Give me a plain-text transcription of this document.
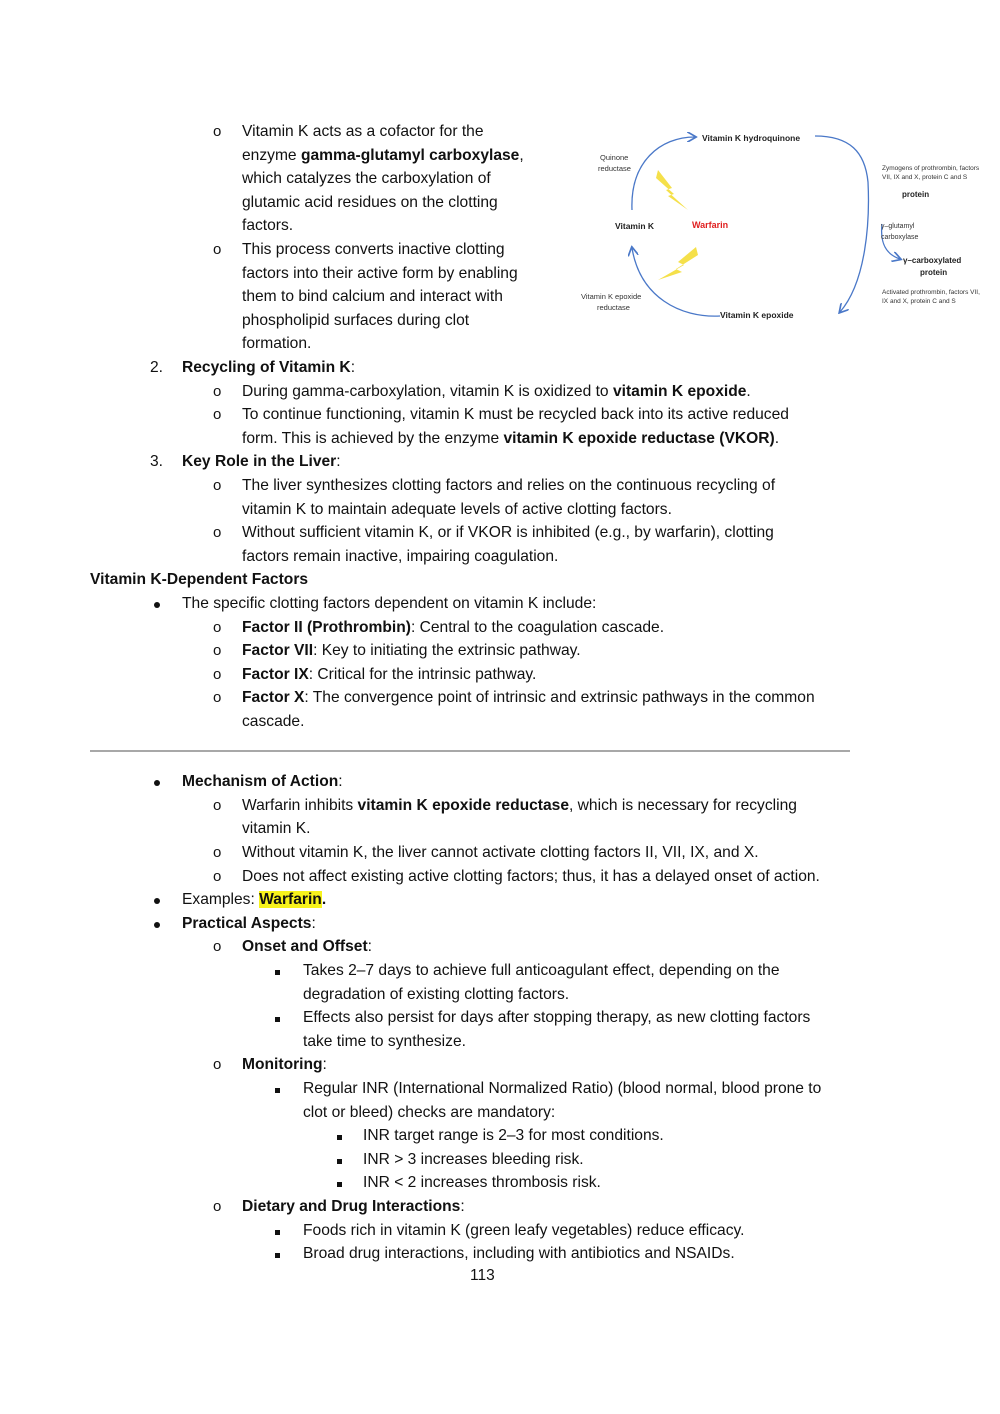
Vitamin K hydroquinone
Quinone reductase
Vitamin K	Warfarin
Vitamin K epoxide reductase
Vitamin K epoxide
Zymogens of prothrombin, factors VII, IX and X, protein C and S
protein
γ–glutamyl carboxylase
γ–carboxylated protein
Activated prothrombin, factors VII, IX and X, protein C and S
o Vitamin K acts as a cofactor for the
enzyme gamma-glutamyl carboxylase,
which catalyzes the carboxylation of
glutamic acid residues on the clotting
factors.
o This process converts inactive clotting
factors into their active form by enabling
them to bind calcium and interact with
phospholipid surfaces during clot
formation.
2. Recycling of Vitamin K:
o During gamma-carboxylation, vitamin K is oxidized to vitamin K epoxide.
o To continue functioning, vitamin K must be recycled back into its active reduced
form. This is achieved by the enzyme vitamin K epoxide reductase (VKOR).
3. Key Role in the Liver:
o The liver synthesizes clotting factors and relies on the continuous recycling of
vitamin K to maintain adequate levels of active clotting factors.
o Without sufficient vitamin K, or if VKOR is inhibited (e.g., by warfarin), clotting
factors remain inactive, impairing coagulation.
Vitamin K-Dependent Factors
The specific clotting factors dependent on vitamin K include:
o Factor II (Prothrombin): Central to the coagulation cascade.
o Factor VII: Key to initiating the extrinsic pathway.
o Factor IX: Critical for the intrinsic pathway.
o Factor X: The convergence point of intrinsic and extrinsic pathways in the common
cascade.
Mechanism of Action:
o Warfarin inhibits vitamin K epoxide reductase, which is necessary for recycling
vitamin K.
o Without vitamin K, the liver cannot activate clotting factors II, VII, IX, and X.
o Does not affect existing active clotting factors; thus, it has a delayed onset of action.
Examples: Warfarin.
Practical Aspects:
o Onset and Offset:
Takes 2–7 days to achieve full anticoagulant effect, depending on the
degradation of existing clotting factors.
Effects also persist for days after stopping therapy, as new clotting factors
take time to synthesize.
o Monitoring:
Regular INR (International Normalized Ratio) (blood normal, blood prone to
clot or bleed) checks are mandatory:
INR target range is 2–3 for most conditions.
INR > 3 increases bleeding risk.
INR < 2 increases thrombosis risk.
o Dietary and Drug Interactions:
Foods rich in vitamin K (green leafy vegetables) reduce efficacy.
Broad drug interactions, including with antibiotics and NSAIDs.
113
